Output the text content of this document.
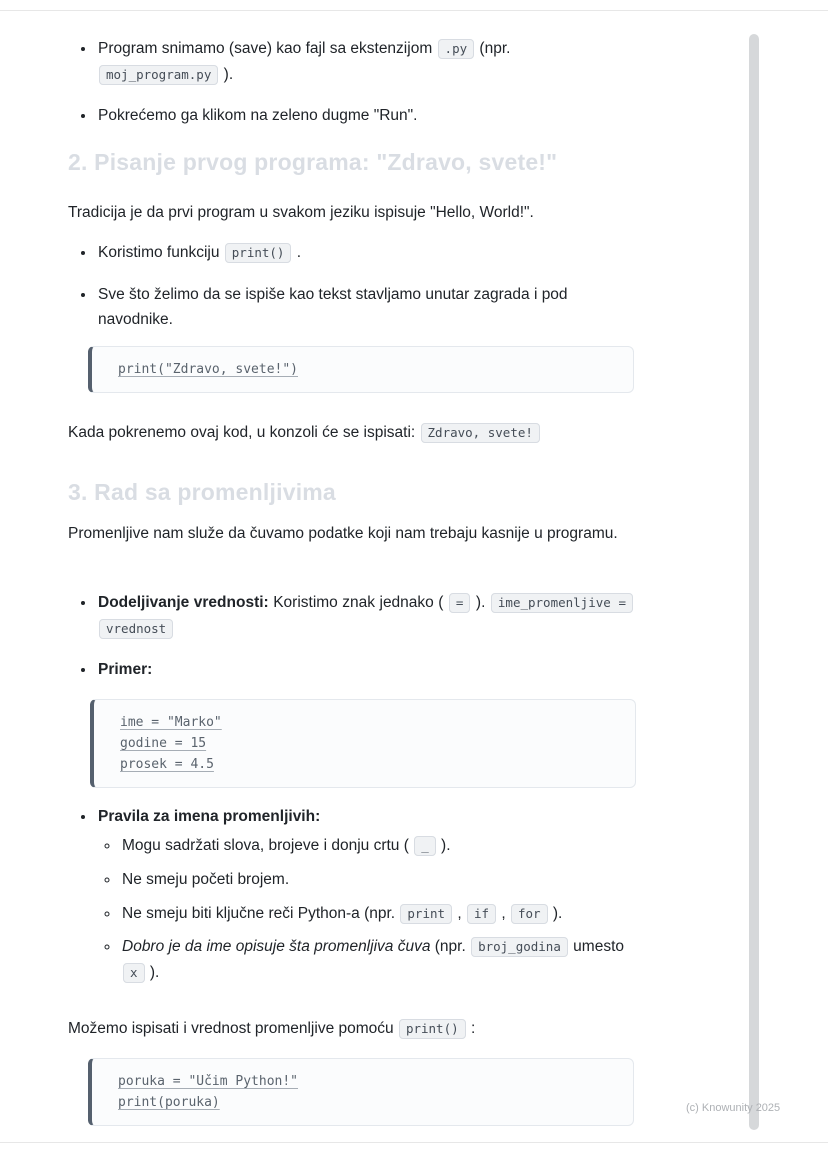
• Program snimamo (save) kao fajl sa ekstenzijom .py (npr. moj_program.py ).
• Pokrećemo ga klikom na zeleno dugme "Run".
2. Pisanje prvog programa: "Zdravo, svete!"

Tradicija je da prvi program u svakom jeziku ispisuje "Hello, World!".

• Koristimo funkciju print() .
• Sve što želimo da se ispiše kao tekst stavljamo unutar zagrada i pod navodnike.
print("Zdravo, svete!")

Kada pokrenemo ovaj kod, u konzoli će se ispisati: Zdravo, svete!

3. Rad sa promenljivima

Promenljive nam služe da čuvamo podatke koji nam trebaju kasnije u programu.

• Dodeljivanje vrednosti: Koristimo znak jednako ( = ). ime_promenljive = vrednost
• Primer:
ime = "Marko"
godine = 15
prosek = 4.5
• Pravila za imena promenljivih:
◦ Mogu sadržati slova, brojeve i donju crtu ( _ ).
◦ Ne smeju početi brojem.
◦ Ne smeju biti ključne reči Python-a (npr. print , if , for ).
◦ Dobro je da ime opisuje šta promenljiva čuva (npr. broj_godina umesto x ).

Možemo ispisati i vrednost promenljive pomoću print() :

poruka = "Učim Python!"
print(poruka)	(c) Knowunity 2025
